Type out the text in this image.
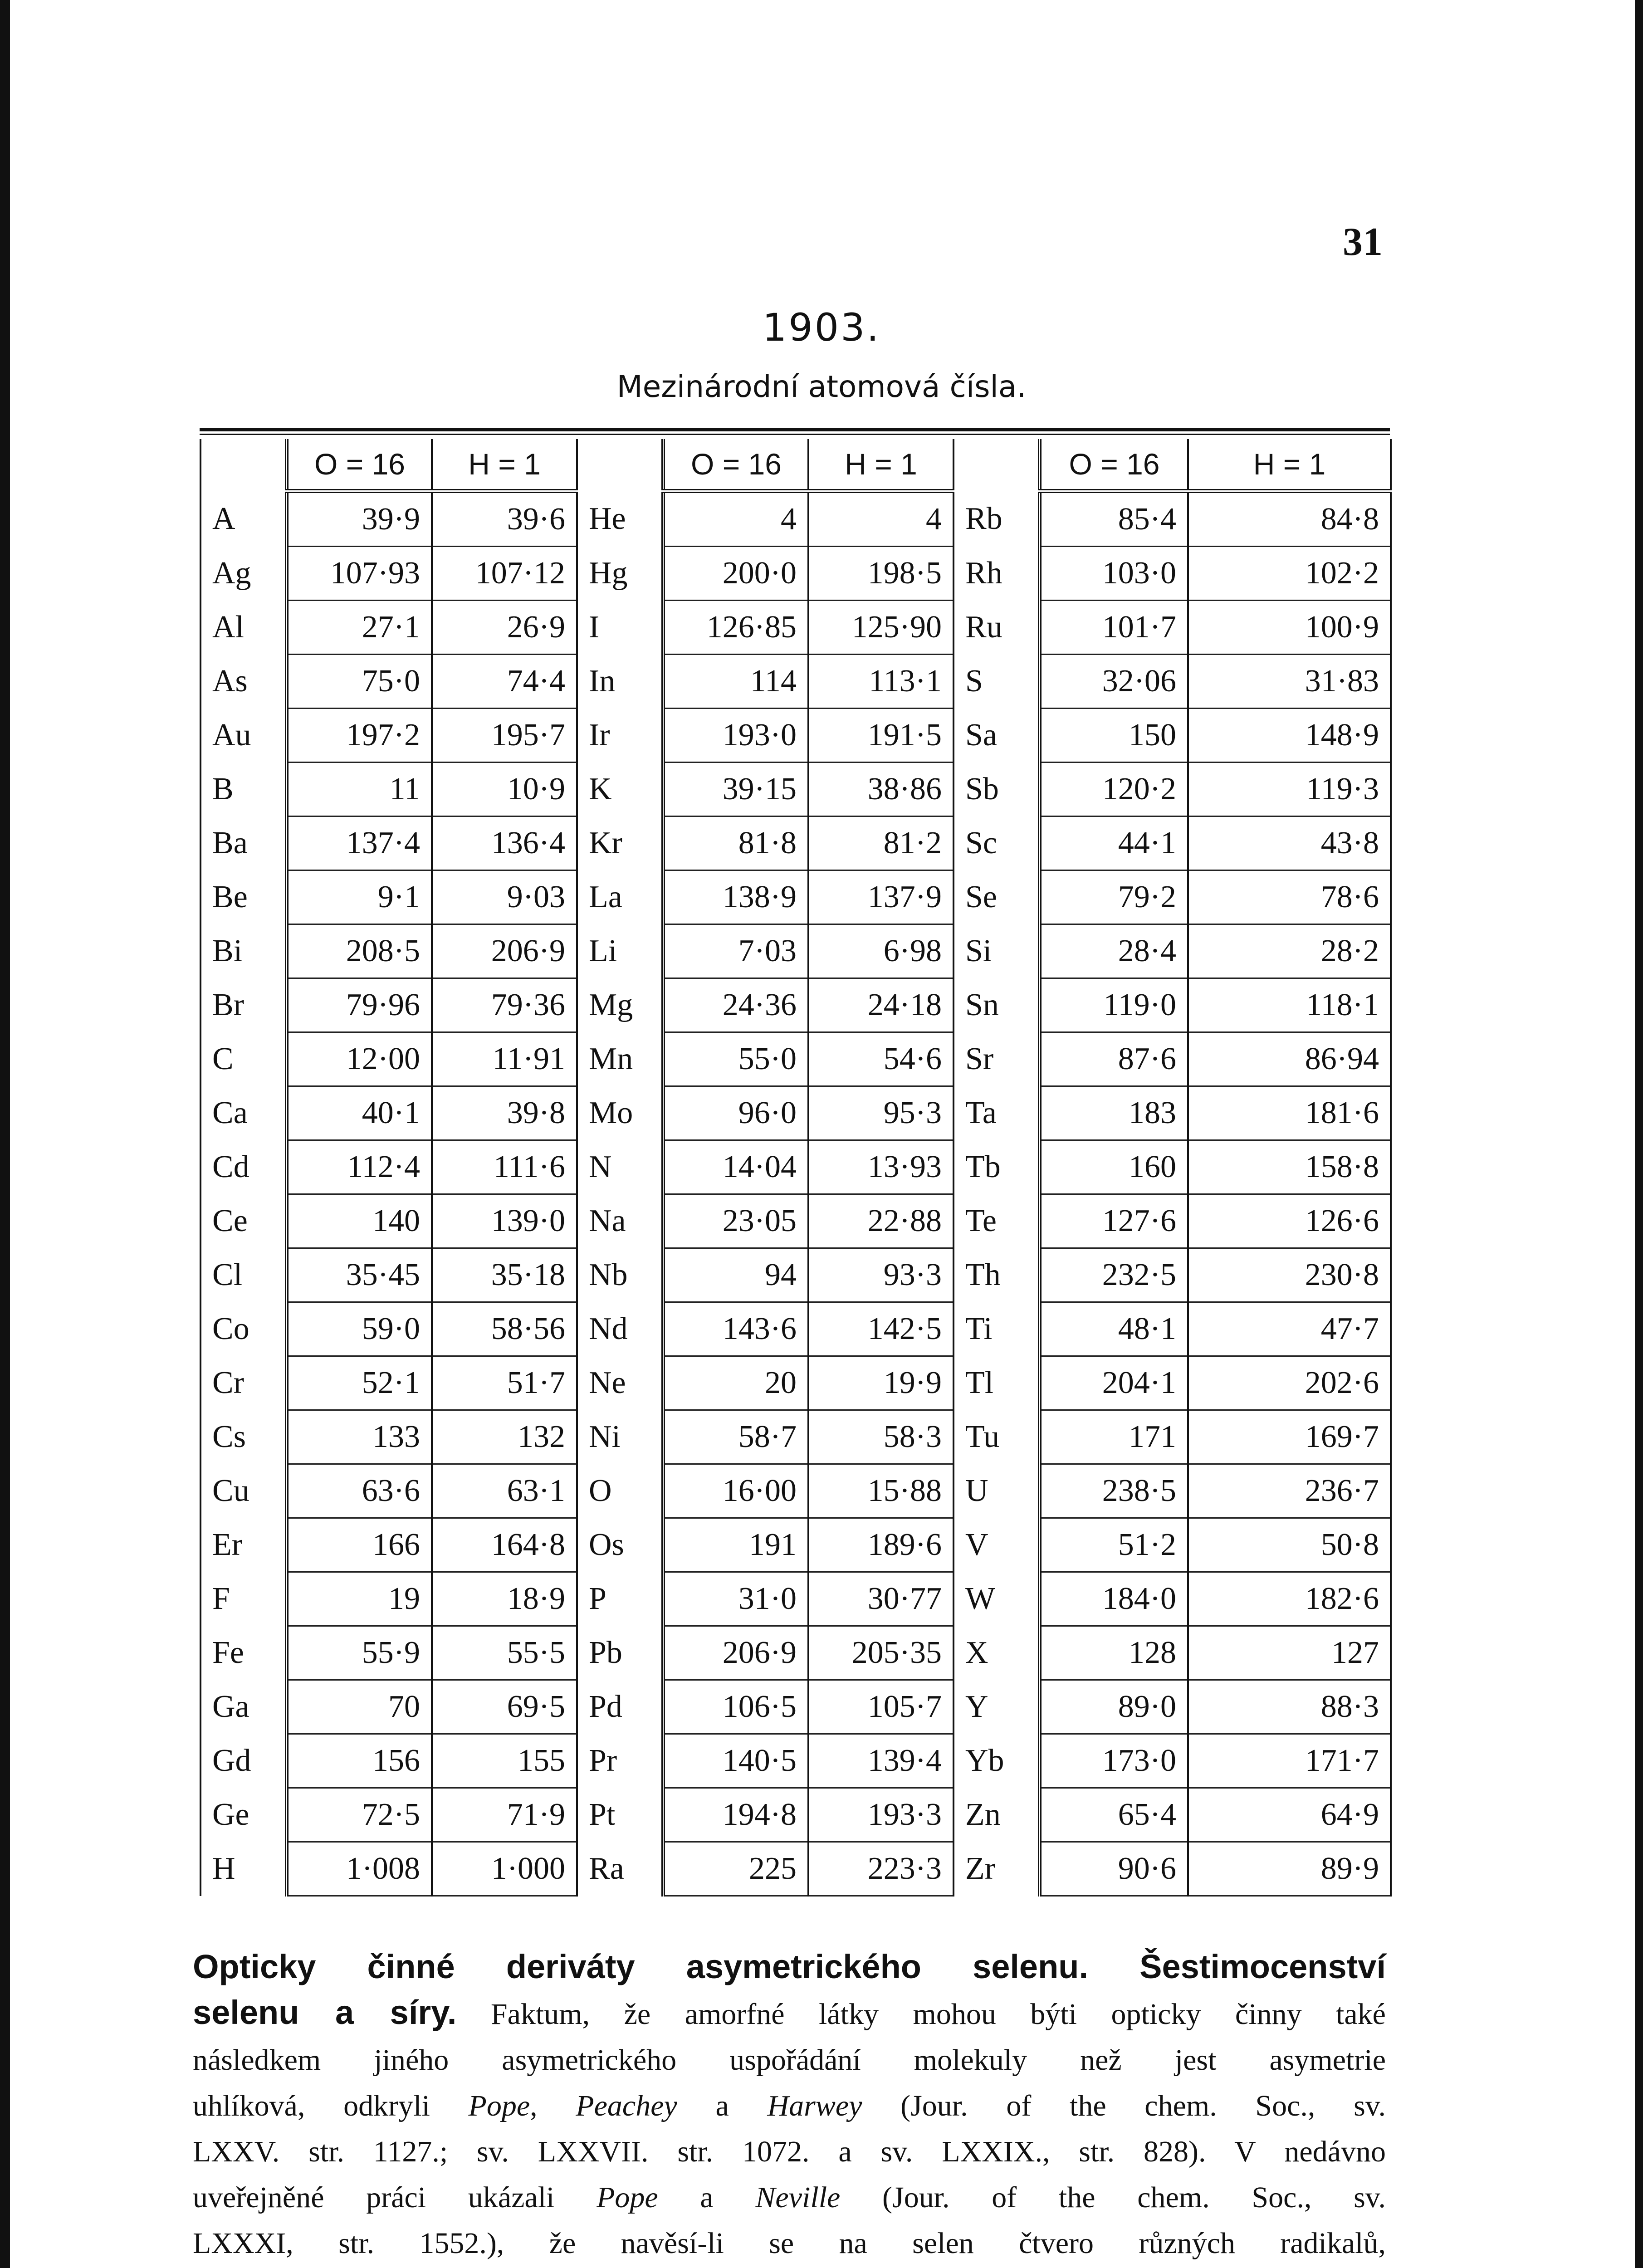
31
1903.
Mezinárodní atomová čísla.
	O = 16	H = 1		O = 16	H = 1		O = 16	H = 1
A	39·9	39·6	He	4	4	Rb	85·4	84·8
Ag	107·93	107·12	Hg	200·0	198·5	Rh	103·0	102·2
Al	27·1	26·9	I	126·85	125·90	Ru	101·7	100·9
As	75·0	74·4	In	114	113·1	S	32·06	31·83
Au	197·2	195·7	Ir	193·0	191·5	Sa	150	148·9
B	11	10·9	K	39·15	38·86	Sb	120·2	119·3
Ba	137·4	136·4	Kr	81·8	81·2	Sc	44·1	43·8
Be	9·1	9·03	La	138·9	137·9	Se	79·2	78·6
Bi	208·5	206·9	Li	7·03	6·98	Si	28·4	28·2
Br	79·96	79·36	Mg	24·36	24·18	Sn	119·0	118·1
C	12·00	11·91	Mn	55·0	54·6	Sr	87·6	86·94
Ca	40·1	39·8	Mo	96·0	95·3	Ta	183	181·6
Cd	112·4	111·6	N	14·04	13·93	Tb	160	158·8
Ce	140	139·0	Na	23·05	22·88	Te	127·6	126·6
Cl	35·45	35·18	Nb	94	93·3	Th	232·5	230·8
Co	59·0	58·56	Nd	143·6	142·5	Ti	48·1	47·7
Cr	52·1	51·7	Ne	20	19·9	Tl	204·1	202·6
Cs	133	132	Ni	58·7	58·3	Tu	171	169·7
Cu	63·6	63·1	O	16·00	15·88	U	238·5	236·7
Er	166	164·8	Os	191	189·6	V	51·2	50·8
F	19	18·9	P	31·0	30·77	W	184·0	182·6
Fe	55·9	55·5	Pb	206·9	205·35	X	128	127
Ga	70	69·5	Pd	106·5	105·7	Y	89·0	88·3
Gd	156	155	Pr	140·5	139·4	Yb	173·0	171·7
Ge	72·5	71·9	Pt	194·8	193·3	Zn	65·4	64·9
H	1·008	1·000	Ra	225	223·3	Zr	90·6	89·9
Opticky činné deriváty asymetrického selenu. Šestimocenství
selenu a síry. Faktum, že amorfné látky mohou býti opticky činny také
následkem jiného asymetrického uspořádání molekuly než jest asymetrie
uhlíková, odkryli Pope, Peachey a Harwey (Jour. of the chem. Soc., sv.
LXXV. str. 1127.; sv. LXXVII. str. 1072. a sv. LXXIX., str. 828). V nedávno
uveřejněné práci ukázali Pope a Neville (Jour. of the chem. Soc., sv.
LXXXI, str. 1552.), že navěsí-li se na selen čtvero různých radikalů,
